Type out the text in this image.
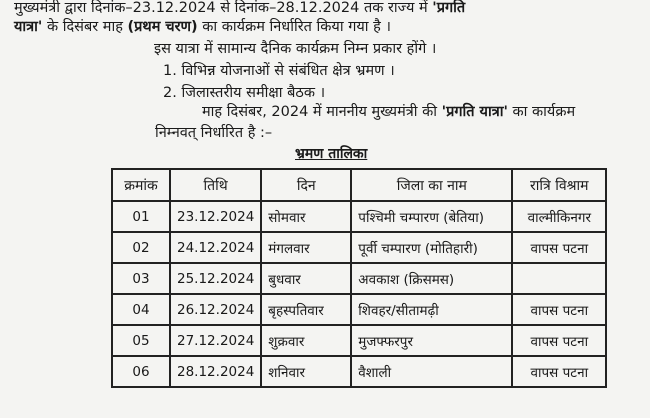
मुख्यमंत्री द्वारा दिनांक–23.12.2024 से दिनांक–28.12.2024 तक राज्य में 'प्रगति
यात्रा' के दिसंबर माह (प्रथम चरण) का कार्यक्रम निर्धारित किया गया है ।
इस यात्रा में सामान्य दैनिक कार्यक्रम निम्न प्रकार होंगे ।
1. विभिन्न योजनाओं से संबंधित क्षेत्र भ्रमण ।
2. जिलास्तरीय समीक्षा बैठक ।
माह दिसंबर, 2024 में माननीय मुख्यमंत्री की 'प्रगति यात्रा' का कार्यक्रम
निम्नवत् निर्धारित है :–
भ्रमण तालिका
क्रमांक	तिथि	दिन	जिला का नाम	रात्रि विश्राम
01	23.12.2024	सोमवार	पश्चिमी चम्पारण (बेतिया)	वाल्मीकिनगर
02	24.12.2024	मंगलवार	पूर्वी चम्पारण (मोतिहारी)	वापस पटना
03	25.12.2024	बुधवार	अवकाश (क्रिसमस)	
04	26.12.2024	बृहस्पतिवार	शिवहर/सीतामढ़ी	वापस पटना
05	27.12.2024	शुक्रवार	मुजफ्फरपुर	वापस पटना
06	28.12.2024	शनिवार	वैशाली	वापस पटना
